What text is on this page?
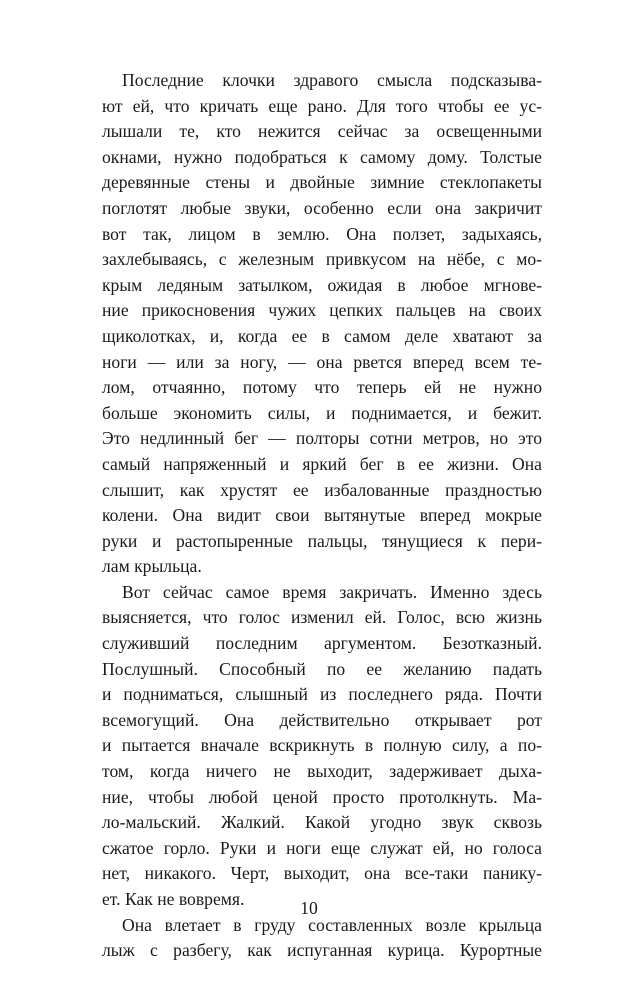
Последние клочки здравого смысла подсказыва-
ют ей, что кричать еще рано. Для того чтобы ее ус-
лышали те, кто нежится сейчас за освещенными
окнами, нужно подобраться к самому дому. Толстые
деревянные стены и двойные зимние стеклопакеты
поглотят любые звуки, особенно если она закричит
вот так, лицом в землю. Она ползет, задыхаясь,
захлебываясь, с железным привкусом на нёбе, с мо-
крым ледяным затылком, ожидая в любое мгнове-
ние прикосновения чужих цепких пальцев на своих
щиколотках, и, когда ее в самом деле хватают за
ноги — или за ногу, — она рвется вперед всем те-
лом, отчаянно, потому что теперь ей не нужно
больше экономить силы, и поднимается, и бежит.
Это недлинный бег — полторы сотни метров, но это
самый напряженный и яркий бег в ее жизни. Она
слышит, как хрустят ее избалованные праздностью
колени. Она видит свои вытянутые вперед мокрые
руки и растопыренные пальцы, тянущиеся к пери-
лам крыльца.
Вот сейчас самое время закричать. Именно здесь
выясняется, что голос изменил ей. Голос, всю жизнь
служивший последним аргументом. Безотказный.
Послушный. Способный по ее желанию падать
и подниматься, слышный из последнего ряда. Почти
всемогущий. Она действительно открывает рот
и пытается вначале вскрикнуть в полную силу, а по-
том, когда ничего не выходит, задерживает дыха-
ние, чтобы любой ценой просто протолкнуть. Ма-
ло-мальский. Жалкий. Какой угодно звук сквозь
сжатое горло. Руки и ноги еще служат ей, но голоса
нет, никакого. Черт, выходит, она все-таки панику-
ет. Как не вовремя.
Она влетает в груду составленных возле крыльца
лыж с разбегу, как испуганная курица. Курортные
10
